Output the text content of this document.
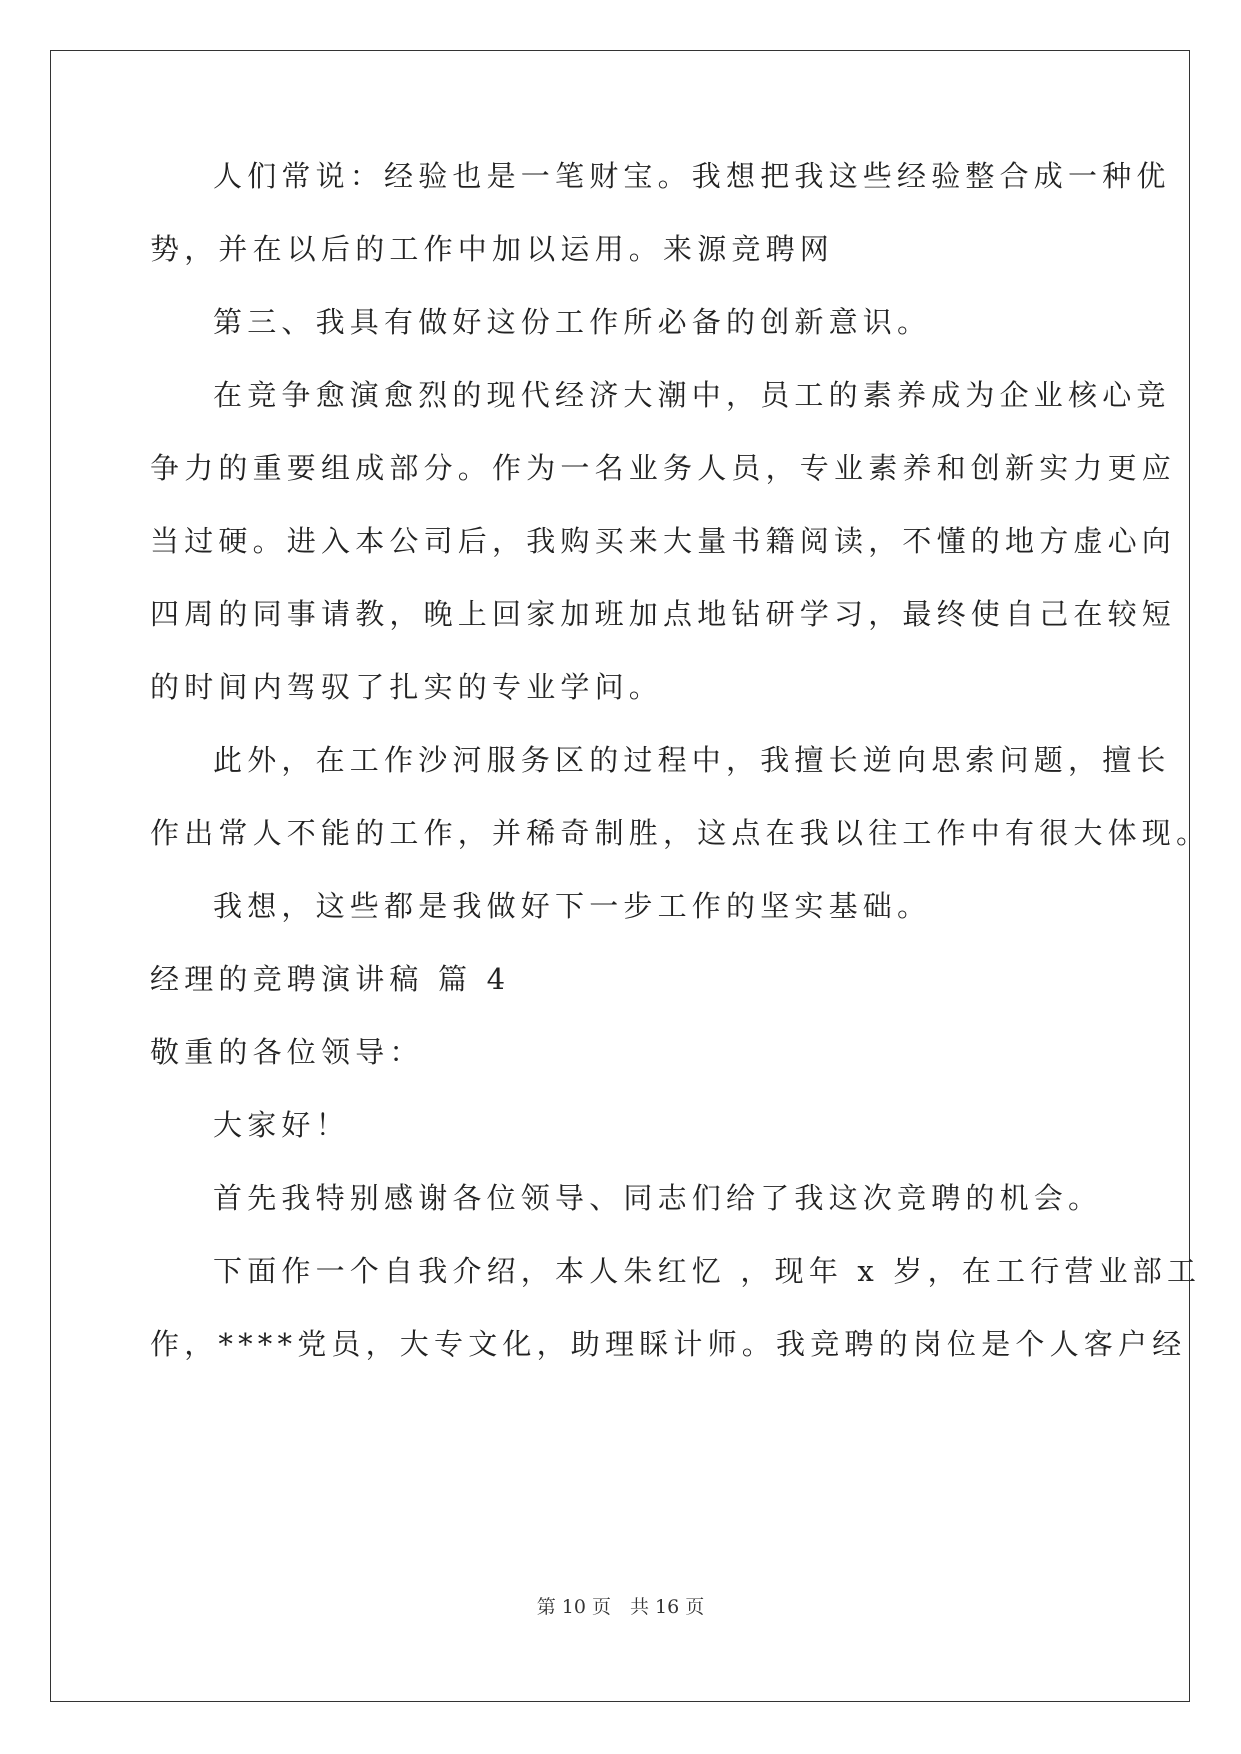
人们常说：经验也是一笔财宝。我想把我这些经验整合成一种优
势，并在以后的工作中加以运用。来源竞聘网
第三、我具有做好这份工作所必备的创新意识。
在竞争愈演愈烈的现代经济大潮中，员工的素养成为企业核心竞
争力的重要组成部分。作为一名业务人员，专业素养和创新实力更应
当过硬。进入本公司后，我购买来大量书籍阅读，不懂的地方虚心向
四周的同事请教，晚上回家加班加点地钻研学习，最终使自己在较短
的时间内驾驭了扎实的专业学问。
此外，在工作沙河服务区的过程中，我擅长逆向思索问题，擅长
作出常人不能的工作，并稀奇制胜，这点在我以往工作中有很大体现。
我想，这些都是我做好下一步工作的坚实基础。
经理的竞聘演讲稿 篇 4
敬重的各位领导：
大家好！
首先我特别感谢各位领导、同志们给了我这次竞聘的机会。
下面作一个自我介绍，本人朱红忆 ，现年 x 岁，在工行营业部工
作，****党员，大专文化，助理睬计师。我竞聘的岗位是个人客户经
第 10 页　共 16 页
